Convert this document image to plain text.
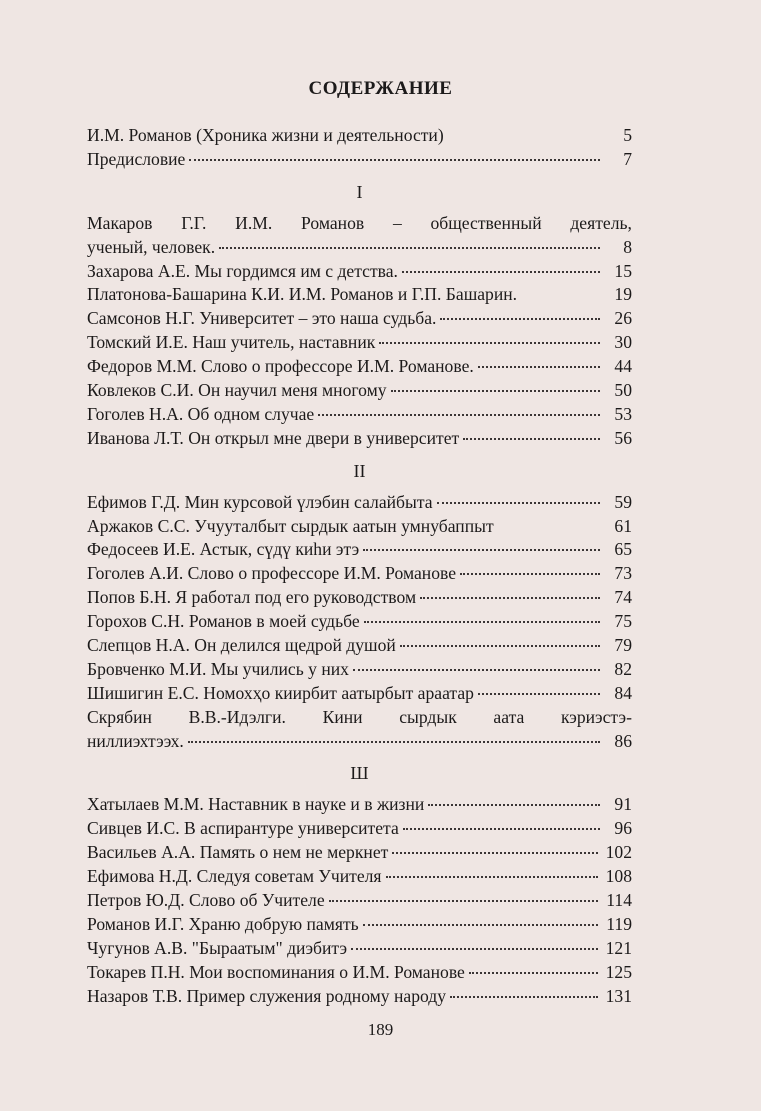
СОДЕРЖАНИЕ
И.М. Романов (Хроника жизни и деятельности)	5
Предисловие	7
I
Макаров Г.Г. И.М. Романов – общественный деятель,
ученый, человек.	8
Захарова А.Е. Мы гордимся им с детства.	15
Платонова-Башарина К.И. И.М. Романов и Г.П. Башарин.	19
Самсонов Н.Г. Университет – это наша судьба.	26
Томский И.Е. Наш учитель, наставник	30
Федоров М.М. Слово о профессоре И.М. Романове.	44
Ковлеков С.И. Он научил меня многому	50
Гоголев Н.А. Об одном случае	53
Иванова Л.Т. Он открыл мне двери в университет	56
II
Ефимов Г.Д. Мин курсовой үлэбин салайбыта	59
Аржаков С.С. Учууталбыт сырдык аатын умнубаппыт	61
Федосеев И.Е. Астык, сүдү киһи этэ	65
Гоголев А.И. Слово о профессоре И.М. Романове	73
Попов Б.Н. Я работал под его руководством	74
Горохов С.Н. Романов в моей судьбе	75
Слепцов Н.А. Он делился щедрой душой	79
Бровченко М.И. Мы учились у них	82
Шишигин Е.С. Номохҳо киирбит аатырбыт араатар	84
Скрябин В.В.-Идэлги. Кини сырдык аата кэриэстэ-
ниллиэхтээх.	86
Ш
Хатылаев М.М. Наставник в науке и в жизни	91
Сивцев И.С. В аспирантуре университета	96
Васильев А.А. Память о нем не меркнет	102
Ефимова Н.Д. Следуя советам Учителя	108
Петров Ю.Д. Слово об Учителе	114
Романов И.Г. Храню добрую память	119
Чугунов А.В. "Быраатым" диэбитэ	121
Токарев П.Н. Мои воспоминания о И.М. Романове	125
Назаров Т.В. Пример служения родному народу	131
189
